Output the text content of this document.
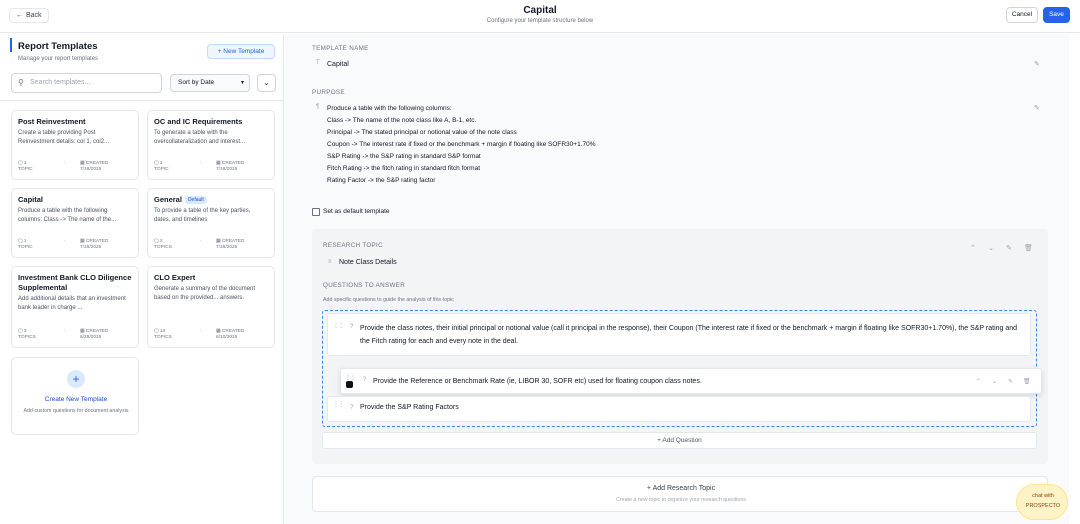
← Back	Capital
Configure your template structure below
Cancel	Save
Report Templates
Manage your report templates
+ New Template
⚲ Search templates...	Sort by Date	▾	⌄
Post Reinvestment
Create a table providing Post Reinvestment details: col 1, col2...
▢ 1
TOPIC
·	▦ CREATED
7/16/2025
OC and IC Requirements
To generate a table with the overcollateralization and interest...
▢ 1
TOPIC
·	▦ CREATED
7/16/2025
Capital
Produce a table with the following columns: Class -> The name of the...
▢ 1
TOPIC
·	▦ CREATED
7/16/2025
General Default
To provide a table of the key parties, dates, and timelines
▢ 2
TOPICS
·	▦ CREATED
7/16/2025
Investment Bank CLO Diligence Supplemental
Add additional details that an investment bank leader in charge ...
▢ 3
TOPICS
·	▦ CREATED
6/25/2025
CLO Expert
Generate a summary of the document based on the provided... answers.
▢ 13
TOPICS
·	▦ CREATED
6/10/2025
+
Create New Template
Add custom questions for document analysis
TEMPLATE NAME
T Capital	✎
PURPOSE
¶ Produce a table with the following columns:
Class -> The name of the note class like A, B-1, etc.
Principal -> The stated principal or notional value of the note class
Coupon -> The interest rate if fixed or the benchmark + margin if floating like SOFR30+1.70%
S&P Rating -> the S&P rating in standard S&P format
Fitch Rating -> the fitch rating in standard fitch format
Rating Factor -> the S&P rating factor
✎
Set as default template
RESEARCH TOPIC	⌃ ⌄ ✎ 🗑
≡ Note Class Details
QUESTIONS TO ANSWER
Add specific questions to guide the analysis of this topic
⋮⋮ ? Provide the class notes, their initial principal or notional value (call it principal in the response), their Coupon (The interest rate if fixed or the benchmark + margin if floating like SOFR30+1.70%), the S&P rating and the Fitch rating for each and every note in the deal.
⋮⋮ ? Provide the Reference or Benchmark Rate (ie, LIBOR 30, SOFR etc) used for floating coupon class notes.	⌃ ⌄ ✎ 🗑
⋮⋮ ? Provide the S&P Rating Factors
+ Add Question
+ Add Research Topic
Create a new topic to organize your research questions
chat with
PROSPECTO
